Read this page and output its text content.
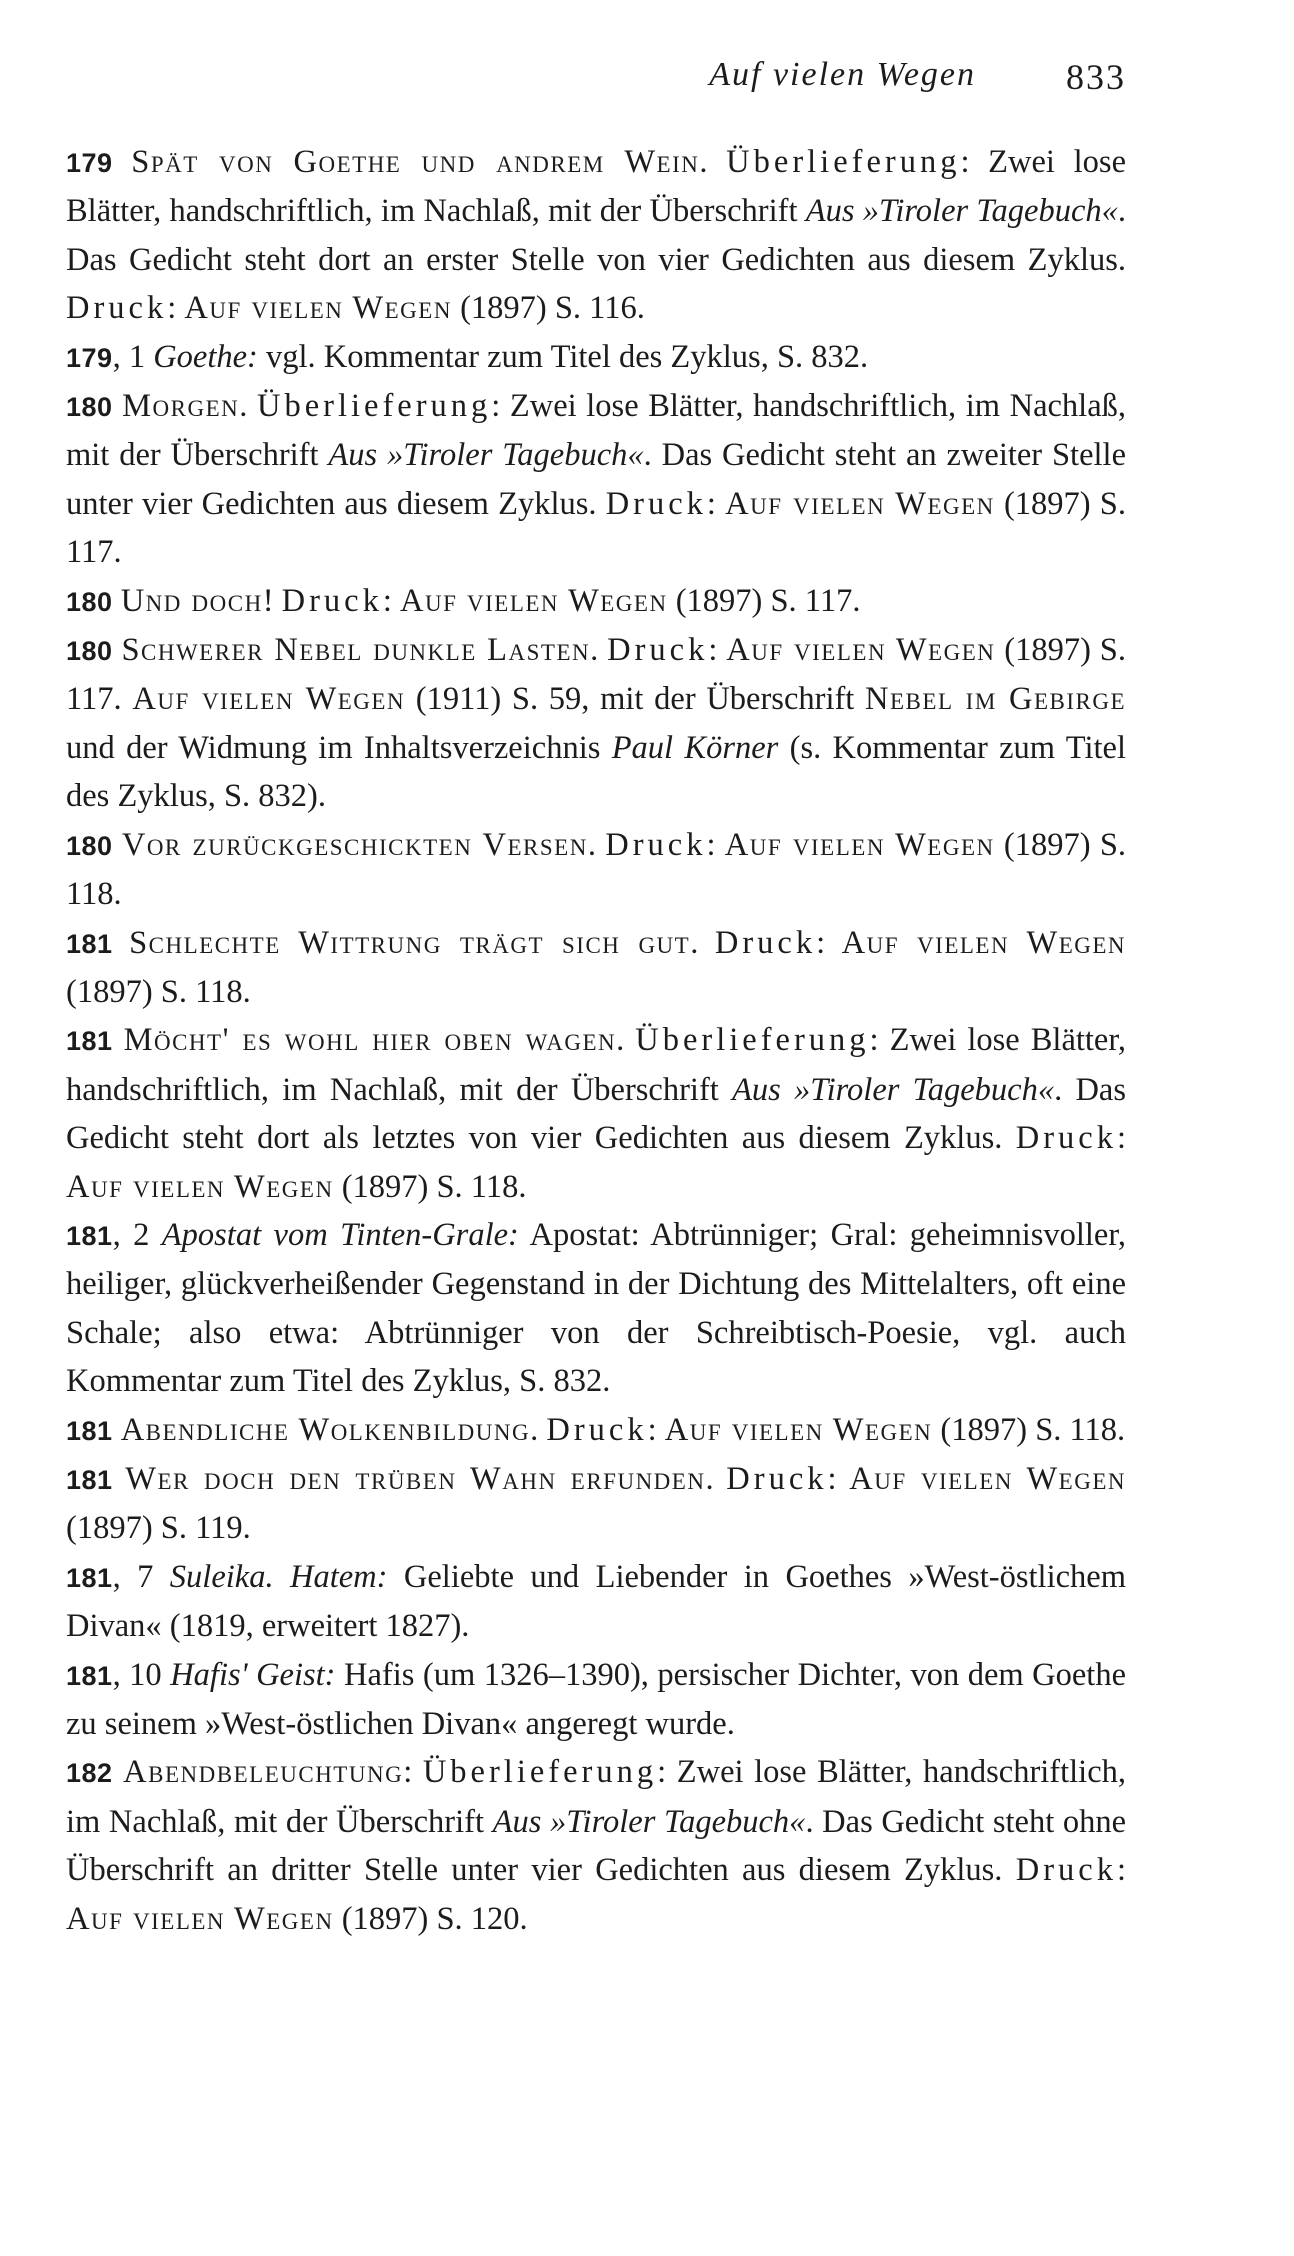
Auf vielen Wegen	833

179 Spät von Goethe und andrem Wein. Überlieferung: Zwei lose Blätter, handschriftlich, im Nachlaß, mit der Überschrift Aus »Tiroler Tagebuch«. Das Gedicht steht dort an erster Stelle von vier Gedichten aus diesem Zyklus. Druck: Auf vielen Wegen (1897) S. 116.

179, 1 Goethe: vgl. Kommentar zum Titel des Zyklus, S. 832.

180 Morgen. Überlieferung: Zwei lose Blätter, handschriftlich, im Nachlaß, mit der Überschrift Aus »Tiroler Tagebuch«. Das Gedicht steht an zweiter Stelle unter vier Gedichten aus diesem Zyklus. Druck: Auf vielen Wegen (1897) S. 117.

180 Und doch! Druck: Auf vielen Wegen (1897) S. 117.

180 Schwerer Nebel dunkle Lasten. Druck: Auf vielen Wegen (1897) S. 117. Auf vielen Wegen (1911) S. 59, mit der Überschrift Nebel im Gebirge und der Widmung im Inhaltsverzeichnis Paul Körner (s. Kommentar zum Titel des Zyklus, S. 832).

180 Vor zurückgeschickten Versen. Druck: Auf vielen Wegen (1897) S. 118.

181 Schlechte Wittrung trägt sich gut. Druck: Auf vielen Wegen (1897) S. 118.

181 Möcht' es wohl hier oben wagen. Überlieferung: Zwei lose Blätter, handschriftlich, im Nachlaß, mit der Überschrift Aus »Tiroler Tagebuch«. Das Gedicht steht dort als letztes von vier Gedichten aus diesem Zyklus. Druck: Auf vielen Wegen (1897) S. 118.

181, 2 Apostat vom Tinten-Grale: Apostat: Abtrünniger; Gral: geheimnisvoller, heiliger, glückverheißender Gegenstand in der Dichtung des Mittelalters, oft eine Schale; also etwa: Abtrünniger von der Schreibtisch-Poesie, vgl. auch Kommentar zum Titel des Zyklus, S. 832.

181 Abendliche Wolkenbildung. Druck: Auf vielen Wegen (1897) S. 118.

181 Wer doch den trüben Wahn erfunden. Druck: Auf vielen Wegen (1897) S. 119.

181, 7 Suleika. Hatem: Geliebte und Liebender in Goethes »West-östlichem Divan« (1819, erweitert 1827).

181, 10 Hafis' Geist: Hafis (um 1326–1390), persischer Dichter, von dem Goethe zu seinem »West-östlichen Divan« angeregt wurde.

182 Abendbeleuchtung: Überlieferung: Zwei lose Blätter, handschriftlich, im Nachlaß, mit der Überschrift Aus »Tiroler Tagebuch«. Das Gedicht steht ohne Überschrift an dritter Stelle unter vier Gedichten aus diesem Zyklus. Druck: Auf vielen Wegen (1897) S. 120.
